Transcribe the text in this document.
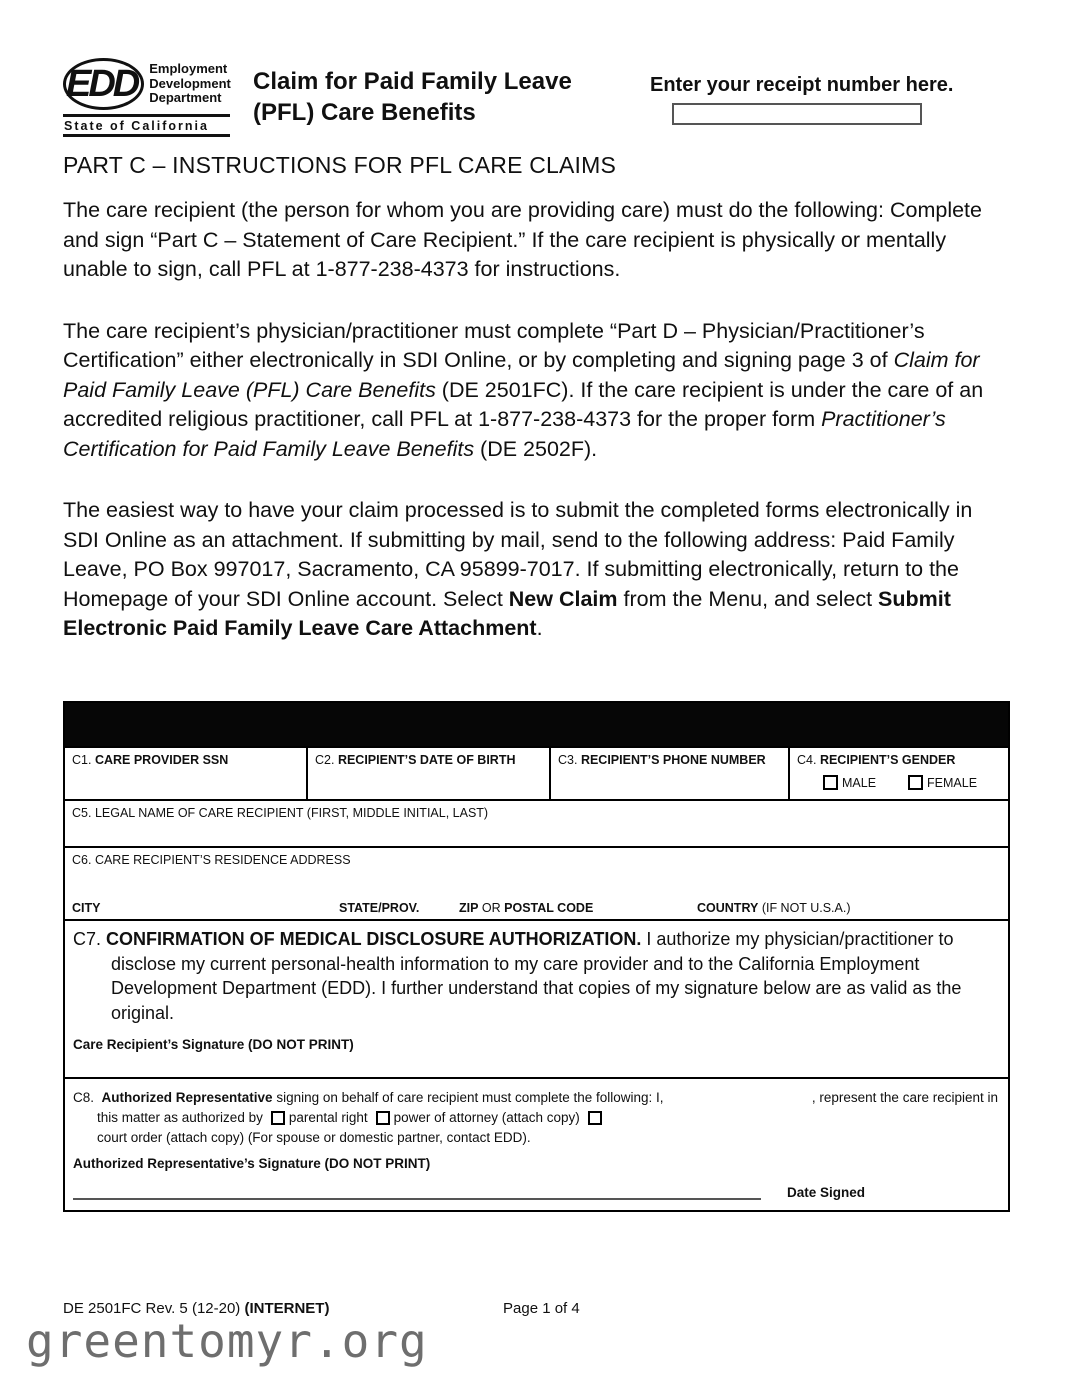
EDD Employment
Development
Department
State of California
Claim for Paid Family Leave
(PFL) Care Benefits
Enter your receipt number here.
PART C – INSTRUCTIONS FOR PFL CARE CLAIMS

The care recipient (the person for whom you are providing care) must do the following: Complete and sign “Part C – Statement of Care Recipient.” If the care recipient is physically or mentally unable to sign, call PFL at 1-877-238-4373 for instructions.

The care recipient’s physician/practitioner must complete “Part D – Physician/Practitioner’s Certification” either electronically in SDI Online, or by completing and signing page 3 of Claim for Paid Family Leave (PFL) Care Benefits (DE 2501FC). If the care recipient is under the care of an accredited religious practitioner, call PFL at 1-877-238-4373 for the proper form Practitioner’s Certification for Paid Family Leave Benefits (DE 2502F).

The easiest way to have your claim processed is to submit the completed forms electronically in SDI Online as an attachment. If submitting by mail, send to the following address: Paid Family Leave, PO Box 997017, Sacramento, CA 95899-7017. If submitting electronically, return to the Homepage of your SDI Online account. Select New Claim from the Menu, and select Submit Electronic Paid Family Leave Care Attachment.

C1. CARE PROVIDER SSN	C2. RECIPIENT’S DATE OF BIRTH	C3. RECIPIENT’S PHONE NUMBER	C4. RECIPIENT’S GENDER
MALE	FEMALE
C5. LEGAL NAME OF CARE RECIPIENT (FIRST, MIDDLE INITIAL, LAST)
C6. CARE RECIPIENT’S RESIDENCE ADDRESS
CITY	STATE/PROV.	ZIP OR POSTAL CODE	COUNTRY (IF NOT U.S.A.)
C7. CONFIRMATION OF MEDICAL DISCLOSURE AUTHORIZATION. I authorize my physician/practitioner to disclose my current personal-health information to my care provider and to the California Employment Development Department (EDD). I further understand that copies of my signature below are as valid as the original.
Care Recipient’s Signature (DO NOT PRINT)
C8. Authorized Representative signing on behalf of care recipient must complete the following: I,	, represent the care recipient in
this matter as authorized by parental right power of attorney (attach copy)
court order (attach copy) (For spouse or domestic partner, contact EDD).
Authorized Representative’s Signature (DO NOT PRINT)
Date Signed
DE 2501FC Rev. 5 (12-20) (INTERNET)	Page 1 of 4
greentomyr.org
